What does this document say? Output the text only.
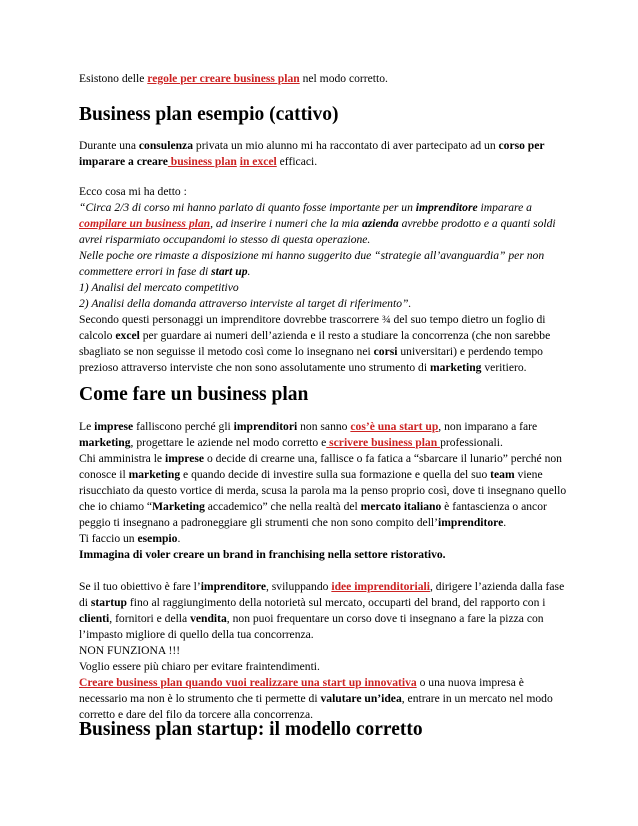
Esistono delle regole per creare business plan nel modo corretto.

Business plan esempio (cattivo)

Durante una consulenza privata un mio alunno mi ha raccontato di aver partecipato ad un corso per imparare a creare business plan in excel efficaci.

Ecco cosa mi ha detto :

“Circa 2/3 di corso mi hanno parlato di quanto fosse importante per un imprenditore imparare a compilare un business plan, ad inserire i numeri che la mia azienda avrebbe prodotto e a quanti soldi avrei risparmiato occupandomi io stesso di questa operazione.

Nelle poche ore rimaste a disposizione mi hanno suggerito due “strategie all’avanguardia” per non commettere errori in fase di start up.

1) Analisi del mercato competitivo

2) Analisi della domanda attraverso interviste al target di riferimento”.

Secondo questi personaggi un imprenditore dovrebbe trascorrere ¾ del suo tempo dietro un foglio di calcolo excel per guardare ai numeri dell’azienda e il resto a studiare la concorrenza (che non sarebbe sbagliato se non seguisse il metodo così come lo insegnano nei corsi universitari) e perdendo tempo prezioso attraverso interviste che non sono assolutamente uno strumento di marketing veritiero.

Come fare un business plan

Le imprese falliscono perché gli imprenditori non sanno cos’è una start up, non imparano a fare marketing, progettare le aziende nel modo corretto e scrivere business plan professionali.

Chi amministra le imprese o decide di crearne una, fallisce o fa fatica a “sbarcare il lunario” perché non conosce il marketing e quando decide di investire sulla sua formazione e quella del suo team viene risucchiato da questo vortice di merda, scusa la parola ma la penso proprio così, dove ti insegnano quello che io chiamo “Marketing accademico” che nella realtà del mercato italiano è fantascienza o ancor peggio ti insegnano a padroneggiare gli strumenti che non sono compito dell’imprenditore.

Ti faccio un esempio.

Immagina di voler creare un brand in franchising nella settore ristorativo.

Se il tuo obiettivo è fare l’imprenditore, sviluppando idee imprenditoriali, dirigere l’azienda dalla fase di startup fino al raggiungimento della notorietà sul mercato, occuparti del brand, del rapporto con i clienti, fornitori e della vendita, non puoi frequentare un corso dove ti insegnano a fare la pizza con l’impasto migliore di quello della tua concorrenza.

NON FUNZIONA !!!

Voglio essere più chiaro per evitare fraintendimenti.

Creare business plan quando vuoi realizzare una start up innovativa o una nuova impresa è necessario ma non è lo strumento che ti permette di valutare un’idea, entrare in un mercato nel modo corretto e dare del filo da torcere alla concorrenza.

Business plan startup: il modello corretto
